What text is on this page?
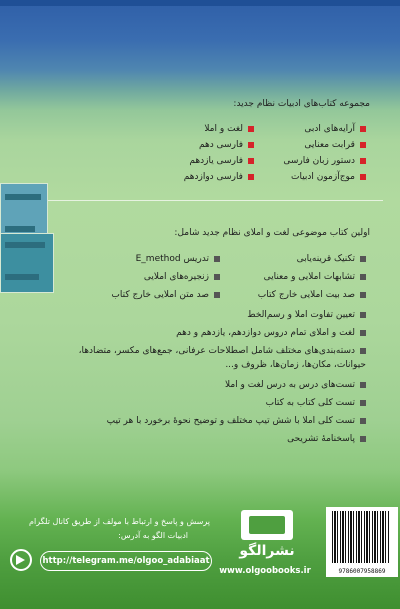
مجموعه کتاب‌های ادبیات نظام جدید:
آرایه‌های ادبی
قرابت معنایی
دستور زبان فارسی
موج‌آزمون ادبیات
لغت و املا
فارسی دهم
فارسی یازدهم
فارسی دوازدهم
اولین کتاب موضوعی لغت و املای نظام جدید شامل:
تکنیک قرینه‌یابی
تشابهات املایی و معنایی
صد بیت املایی خارج کتاب
تدریس E_method
زنجیره‌های املایی
صد متن املایی خارج کتاب
تعیین تفاوت املا و رسم‌الخط
لغت و املای تمام دروس دوازدهم، یازدهم و دهم
دسته‌بندی‌های مختلف شامل اصطلاحات عرفانی، جمع‌های مکسر، متضادها،
حیوانات، مکان‌ها، زمان‌ها، ظروف و...
تست‌های درس به درس لغت و املا
تست کلی کتاب به کتاب
تست کلی املا با شش تیپ مختلف و توضیح نحوهٔ برخورد با هر تیپ
پاسخنامهٔ تشریحی
پرسش و پاسخ و ارتباط با مولف از طریق کانال تلگرام
ادبیات الگو به آدرس:
http://telegram.me/olgoo_adabiaat
نشرالگو
www.olgoobooks.ir	9786007958869
